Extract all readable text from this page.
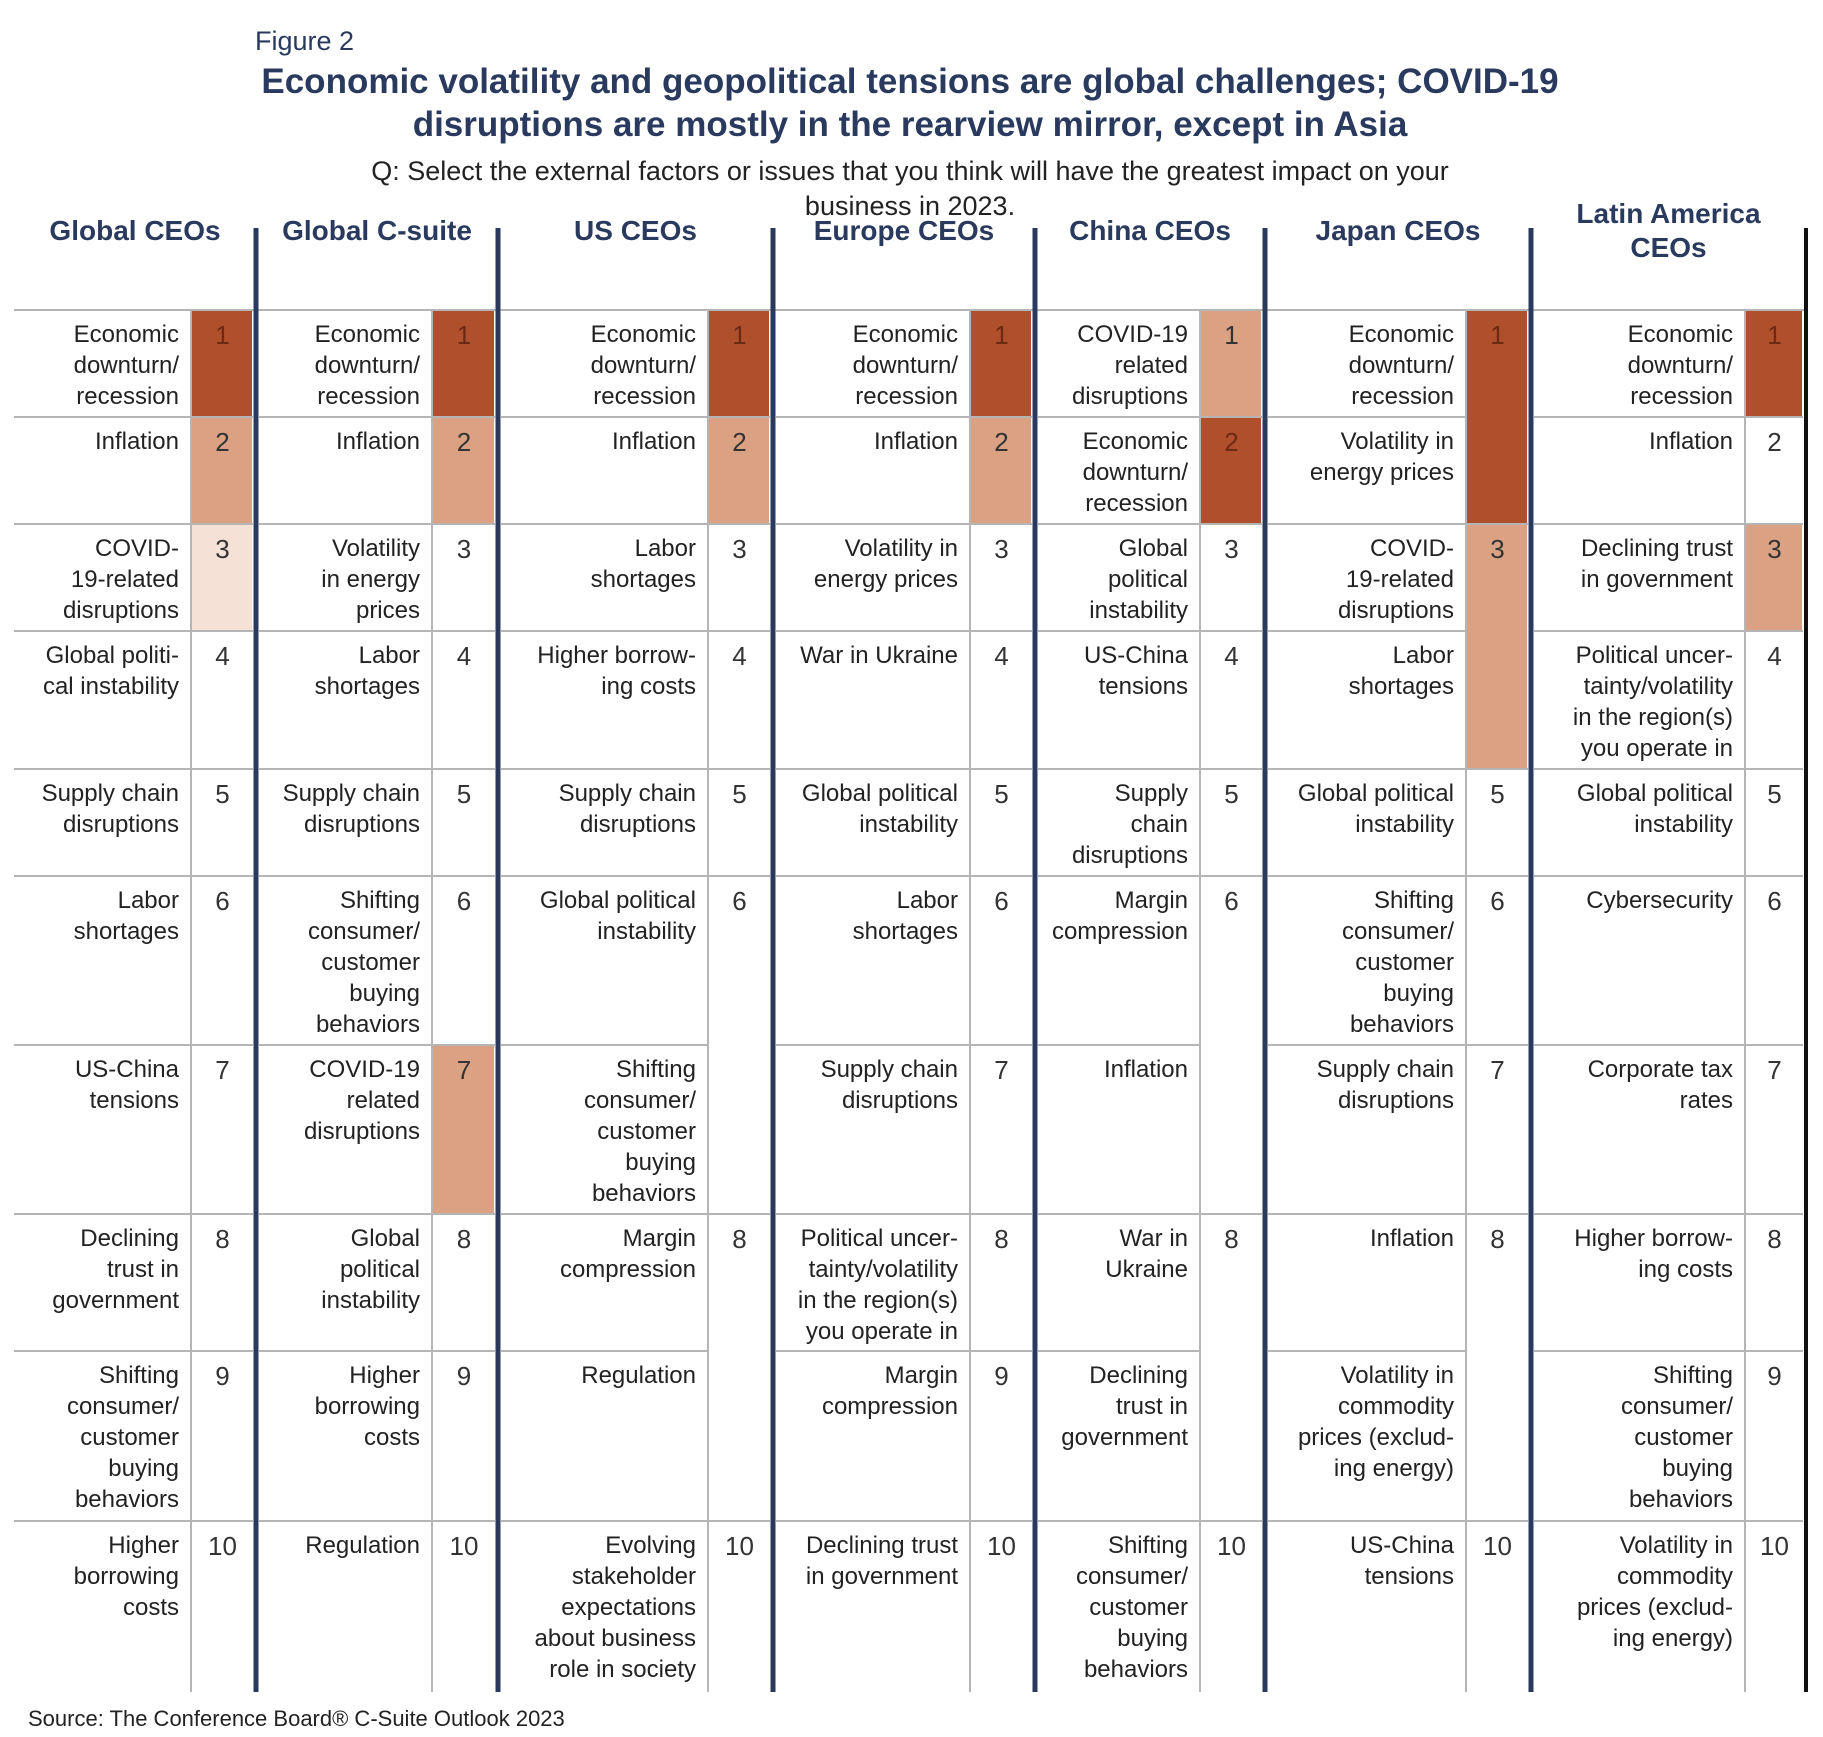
Figure 2
Economic volatility and geopolitical tensions are global challenges; COVID-19
disruptions are mostly in the rearview mirror, except in Asia
Q: Select the external factors or issues that you think will have the greatest impact on your
business in 2023.
Global CEOs
1
Economic downturn/ recession
2
Inflation
3
COVID-19-related disruptions
4
Global politi-cal instability
5
Supply chain disruptions
6
Labor shortages
7
US-China tensions
8
Declining trust in government
9
Shifting consumer/ customer buying behaviors
10
Higher borrowing costs
Global C-suite
1
Economic downturn/ recession
2
Inflation
3
Volatility in energy prices
4
Labor shortages
5
Supply chain disruptions
6
Shifting consumer/ customer buying behaviors
7
COVID-19 related disruptions
8
Global political instability
9
Higher borrowing costs
10
Regulation
US CEOs
1
Economic downturn/ recession
2
Inflation
3
Labor shortages
4
Higher borrow-ing costs
5
Supply chain disruptions
6
Global political instability
Shifting consumer/ customer buying behaviors
8
Margin compression
Regulation
10
Evolving stakeholder expectations about business role in society
Europe CEOs
1
Economic downturn/ recession
2
Inflation
3
Volatility in energy prices
4
War in Ukraine
5
Global political instability
6
Labor shortages
7
Supply chain disruptions
8
Political uncer-tainty/volatility in the region(s) you operate in
9
Margin compression
10
Declining trust in government
China CEOs
1
COVID-19 related disruptions
2
Economic downturn/ recession
3
Global political instability
4
US-China tensions
5
Supply chain disruptions
6
Margin compression
Inflation
8
War in Ukraine
Declining trust in government
10
Shifting consumer/ customer buying behaviors
Japan CEOs
1
Economic downturn/ recession
Volatility in energy prices
3
COVID-19-related disruptions
Labor shortages
5
Global political instability
6
Shifting consumer/ customer buying behaviors
7
Supply chain disruptions
8
Inflation
Volatility in commodity prices (exclud-ing energy)
10
US-China tensions
Latin America CEOs
1
Economic downturn/ recession
2
Inflation
3
Declining trust in government
4
Political uncer-tainty/volatility in the region(s) you operate in
5
Global political instability
6
Cybersecurity
7
Corporate tax rates
8
Higher borrow-ing costs
9
Shifting consumer/ customer buying behaviors
10
Volatility in commodity prices (exclud-ing energy)
Source: The Conference Board® C-Suite Outlook 2023
